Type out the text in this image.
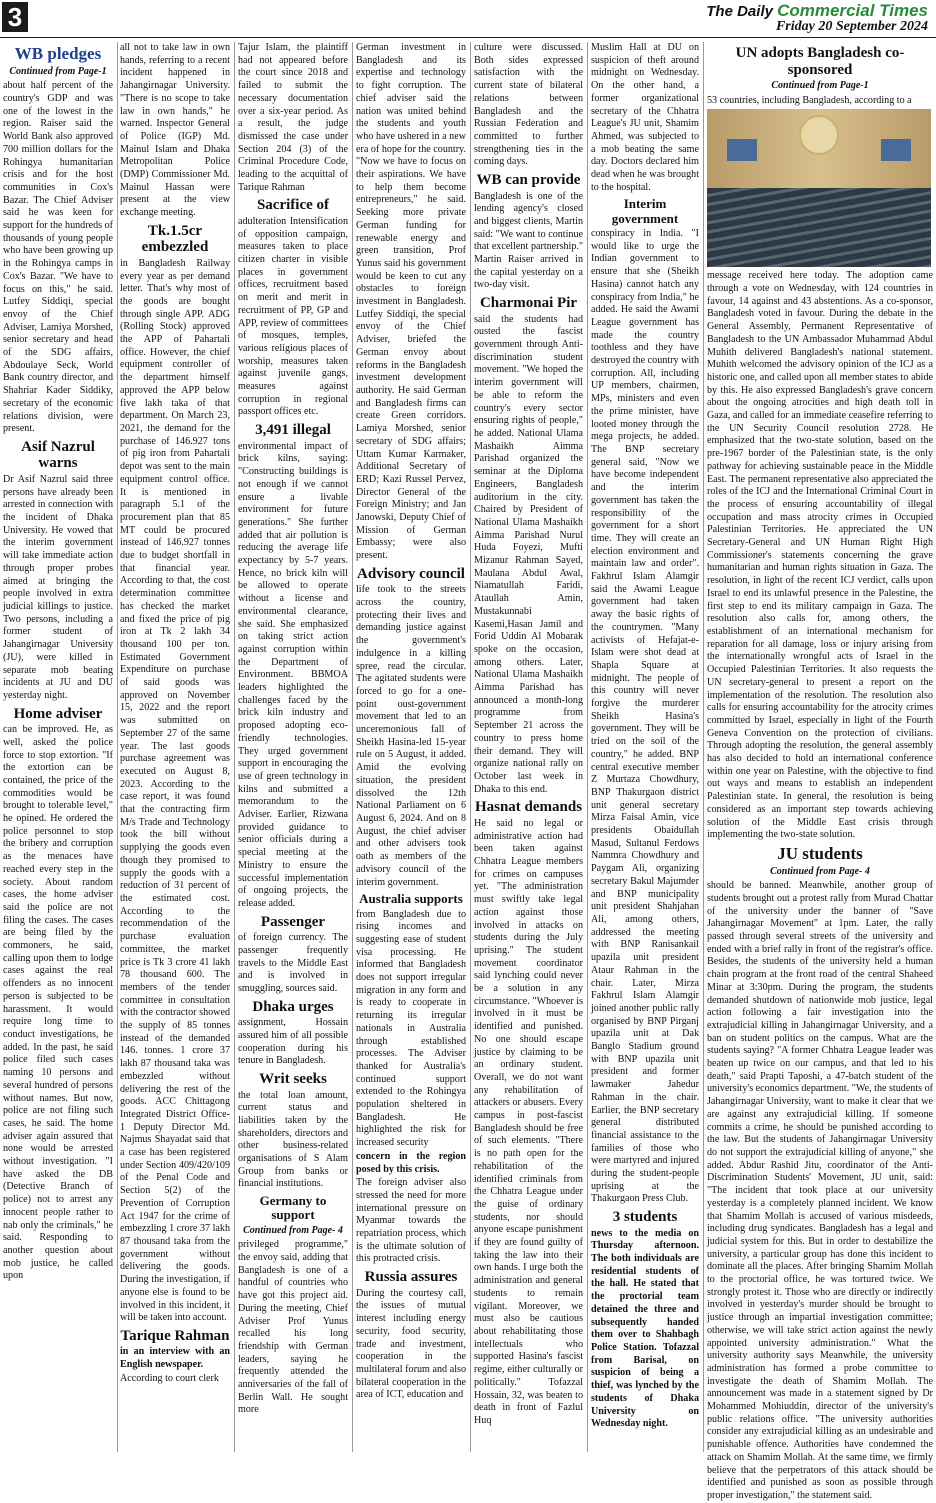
3	The Daily Commercial Times
Friday 20 September 2024
WB pledges
Continued from Page-1

about half percent of the country's GDP and was one of the lowest in the region. Raiser said the World Bank also approved 700 million dollars for the Rohingya humanitarian crisis and for the host communities in Cox's Bazar. The Chief Adviser said he was keen for support for the hundreds of thousands of young people who have been growing up in the Rohingya camps in Cox's Bazar. "We have to focus on this," he said. Lutfey Siddiqi, special envoy of the Chief Adviser, Lamiya Morshed, senior secretary and head of the SDG affairs, Abdoulaye Seck, World Bank country director, and Shahriar Kader Siddiky, secretary of the economic relations division, were present.

Asif Nazrul warns

Dr Asif Nazrul said three persons have already been arrested in connection with the incident of Dhaka University. He vowed that the interim government will take immediate action through proper probes aimed at bringing the people involved in extra judicial killings to justice. Two persons, including a former student of Jahangirnagar University (JU), were killed in separate mob beating incidents at JU and DU yesterday night.

Home adviser

can be improved. He, as well, asked the police force to stop extortion. "If the extortion can be contained, the price of the commodities would be brought to tolerable level," he opined. He ordered the police personnel to stop the bribery and corruption as the menaces have reached every step in the society. About random cases, the home adviser said the police are not filing the cases. The cases are being filed by the commoners, he said, calling upon them to lodge cases against the real offenders as no innocent person is subjected to be harassment. It would require long time to conduct investigations, he added. In the past, he said police filed such cases naming 10 persons and several hundred of persons without names. But now, police are not filing such cases, he said. The home adviser again assured that none would be arrested without investigation. "I have asked the DB (Detective Branch of police) not to arrest any innocent people rather to nab only the criminals," he said. Responding to another question about mob justice, he called upon

all not to take law in own hands, referring to a recent incident happened in Jahangirnagar University. "There is no scope to take law in own hands," he warned. Inspector General of Police (IGP) Md. Mainul Islam and Dhaka Metropolitan Police (DMP) Commissioner Md. Mainul Hassan were present at the view exchange meeting.

Tk.1.5cr embezzled

in Bangladesh Railway every year as per demand letter. That's why most of the goods are bought through single APP. ADG (Rolling Stock) approved the APP of Pahartali office. However, the chief equipment controller of the department himself approved the APP below five lakh taka of that department. On March 23, 2021, the demand for the purchase of 146.927 tons of pig iron from Pahartali depot was sent to the main equipment control office. It is mentioned in paragraph 5.1 of the procurement plan that 85 MT could be procured instead of 146.927 tonnes due to budget shortfall in that financial year. According to that, the cost determination committee has checked the market and fixed the price of pig iron at Tk 2 lakh 34 thousand 100 per ton. Estimated Government Expenditure on purchase of said goods was approved on November 15, 2022 and the report was submitted on September 27 of the same year. The last goods purchase agreement was executed on August 8, 2023. According to the case report, it was found that the contracting firm M/s Trade and Technology took the bill without supplying the goods even though they promised to supply the goods with a reduction of 31 percent of the estimated cost. According to the recommendation of the purchase evaluation committee, the market price is Tk 3 crore 41 lakh 78 thousand 600. The members of the tender committee in consultation with the contractor showed the supply of 85 tonnes instead of the demanded 146. tonnes. 1 crore 37 lakh 87 thousand taka was embezzled without delivering the rest of the goods. ACC Chittagong Integrated District Office-1 Deputy Director Md. Najmus Shayadat said that a case has been registered under Section 409/420/109 of the Penal Code and Section 5(2) of the Prevention of Corruption Act 1947 for the crime of embezzling 1 crore 37 lakh 87 thousand taka from the government without delivering the goods. During the investigation, if anyone else is found to be involved in this incident, it will be taken into account.

Tarique Rahman

in an interview with an English newspaper.

According to court clerk

Tajur Islam, the plaintiff had not appeared before the court since 2018 and failed to submit the necessary documentation over a six-year period. As a result, the judge dismissed the case under Section 204 (3) of the Criminal Procedure Code, leading to the acquittal of Tarique Rahman

Sacrifice of

adulteration Intensification of opposition campaign, measures taken to place citizen charter in visible places in government offices, recruitment based on merit and merit in recruitment of PP, GP and APP, review of committees of mosques, temples, various religious places of worship, measures taken against juvenile gangs, measures against corruption in regional passport offices etc.

3,491 illegal

environmental impact of brick kilns, saying: "Constructing buildings is not enough if we cannot ensure a livable environment for future generations." She further added that air pollution is reducing the average life expectancy by 5-7 years. Hence, no brick kiln will be allowed to operate without a license and environmental clearance, she said. She emphasized on taking strict action against corruption within the Department of Environment. BBMOA leaders highlighted the challenges faced by the brick kiln industry and proposed adopting eco-friendly technologies. They urged government support in encouraging the use of green technology in kilns and submitted a memorandum to the Adviser. Earlier, Rizwana provided guidance to senior officials during a special meeting at the Ministry to ensure the successful implementation of ongoing projects, the release added.

Passenger

of foreign currency. The passenger frequently travels to the Middle East and is involved in smuggling, sources said.

Dhaka urges

assignment, Hossain assured him of all possible cooperation during his tenure in Bangladesh.

Writ seeks

the total loan amount, current status and liabilities taken by the shareholders, directors and other business-related organisations of S Alam Group from banks or financial institutions.

Germany to support
Continued from Page- 4

privileged programme," the envoy said, adding that Bangladesh is one of a handful of countries who have got this project aid. During the meeting, Chief Adviser Prof Yunus recalled his long friendship with German leaders, saying he frequently attended the anniversaries of the fall of Berlin Wall. He sought more

German investment in Bangladesh and its expertise and technology to fight corruption. The chief adviser said the nation was united behind the students and youth who have ushered in a new era of hope for the country. "Now we have to focus on their aspirations. We have to help them become entrepreneurs," he said. Seeking more private German funding for renewable energy and green transition, Prof Yunus said his government would be keen to cut any obstacles to foreign investment in Bangladesh. Lutfey Siddiqi, the special envoy of the Chief Adviser, briefed the German envoy about reforms in the Bangladesh investment development authority. He said German and Bangladesh firms can create Green corridors. Lamiya Morshed, senior secretary of SDG affairs; Uttam Kumar Karmaker, Additional Secretary of ERD; Kazi Russel Pervez, Director General of the Foreign Ministry; and Jan Janowski, Deputy Chief of Mission of German Embassy; were also present.

Advisory council

life took to the streets across the country, protecting their lives and demanding justice against the government's indulgence in a killing spree, read the circular. The agitated students were forced to go for a one-point oust-government movement that led to an unceremonious fall of Sheikh Hasina-led 15-year rule on 5 August, it added. Amid the evolving situation, the president dissolved the 12th National Parliament on 6 August 6, 2024. And on 8 August, the chief adviser and other advisers took oath as members of the advisory council of the interim government.

Australia supports

from Bangladesh due to rising incomes and suggesting ease of student visa processing. He informed that Bangladesh does not support irregular migration in any form and is ready to cooperate in returning its irregular nationals in Australia through established processes. The Adviser thanked for Australia's continued support extended to the Rohingya population sheltered in Bangladesh. He highlighted the risk for increased security

concern in the region posed by this crisis.

The foreign adviser also stressed the need for more international pressure on Myanmar towards the repatriation process, which is the ultimate solution of this protracted crisis.

Russia assures

During the courtesy call, the issues of mutual interest including energy security, food security, trade and investment, cooperation in the multilateral forum and also bilateral cooperation in the area of ICT, education and

culture were discussed. Both sides expressed satisfaction with the current state of bilateral relations between Bangladesh and the Russian Federation and committed to further strengthening ties in the coming days.

WB can provide

Bangladesh is one of the lending agency's closed and biggest clients, Martin said: "We want to continue that excellent partnership." Martin Raiser arrived in the capital yesterday on a two-day visit.

Charmonai Pir

said the students had ousted the fascist government through Anti-discrimination student movement. "We hoped the interim government will be able to reform the country's every sector ensuring rights of people," he added. National Ulama Mashaikh Aimma Parishad organized the seminar at the Diploma Engineers, Bangladesh auditorium in the city. Chaired by President of National Ulama Mashaikh Aimma Parishad Nurul Huda Foyezi, Mufti Mizanur Rahman Sayed, Maulana Abdul Awal, Niamatullah Faridi, Ataullah Amin, Mustakunnabi Kasemi,Hasan Jamil and Forid Uddin Al Mobarak spoke on the occasion, among others. Later, National Ulama Mashaikh Aimma Parishad has announced a month-long programme from September 21 across the country to press home their demand. They will organize national rally on October last week in Dhaka to this end.

Hasnat demands

He said no legal or administrative action had been taken against Chhatra League members for crimes on campuses yet. "The administration must swiftly take legal action against those involved in attacks on students during the July uprising." The student movement coordinator said lynching could never be a solution in any circumstance. "Whoever is involved in it must be identified and punished. No one should escape justice by claiming to be an ordinary student. Overall, we do not want any rehabilitation of attackers or abusers. Every campus in post-fascist Bangladesh should be free of such elements. "There is no path open for the rehabilitation of the identified criminals from the Chhatra League under the guise of ordinary students, nor should anyone escape punishment if they are found guilty of taking the law into their own hands. I urge both the administration and general students to remain vigilant. Moreover, we must also be cautious about rehabilitating those intellectuals who supported Hasina's fascist regime, either culturally or politically." Tofazzal Hossain, 32, was beaten to death in front of Fazlul Huq

Muslim Hall at DU on suspicion of theft around midnight on Wednesday. On the other hand, a former organizational secretary of the Chhatra League's JU unit, Shamim Ahmed, was subjected to a mob beating the same day. Doctors declared him dead when he was brought to the hospital.

Interim government

conspiracy in India. "I would like to urge the Indian government to ensure that she (Sheikh Hasina) cannot hatch any conspiracy from India," he added. He said the Awami League government has made the country toothless and they have destroyed the country with corruption. All, including UP members, chairmen, MPs, ministers and even the prime minister, have looted money through the mega projects, he added. The BNP secretary general said, "Now we have become independent and the interim government has taken the responsibility of the government for a short time. They will create an election environment and maintain law and order". Fakhrul Islam Alamgir said the Awami League government had taken away the basic rights of the countrymen. "Many activists of Hefajat-e-Islam were shot dead at Shapla Square at midnight. The people of this country will never forgive the murderer Sheikh Hasina's government. They will be tried on the soil of the country," he added. BNP central executive member Z Murtaza Chowdhury, BNP Thakurgaon district unit general secretary Mirza Faisal Amin, vice presidents Obaidullah Masud, Sultanul Ferdows Nammra Chowdhury and Paygam Ali, organizing secretary Bakul Majumder and BNP municipality unit president Shahjahan Ali, among others, addressed the meeting with BNP Ranisankail upazila unit president Ataur Rahman in the chair. Later, Mirza Fakhrul Islam Alamgir joined another public rally organised by BNP Pirganj upazila unit at Dak Banglo Stadium ground with BNP upazila unit president and former lawmaker Jahedur Rahman in the chair. Earlier, the BNP secretary general distributed financial assistance to the families of those who were martyred and injured during the student-people uprising at the Thakurgaon Press Club.

3 students

news to the media on Thursday afternoon. The both individuals are residential students of the hall. He stated that the proctorial team detained the three and subsequently handed them over to Shahbagh Police Station. Tofazzal from Barisal, on suspicion of being a thief, was lynched by the students of Dhaka University on Wednesday night.

UN adopts Bangladesh co-sponsored
Continued from Page-1

53 countries, including Bangladesh, according to a

message received here today. The adoption came through a vote on Wednesday, with 124 countries in favour, 14 against and 43 abstentions. As a co-sponsor, Bangladesh voted in favour. During the debate in the General Assembly, Permanent Representative of Bangladesh to the UN Ambassador Muhammad Abdul Muhith delivered Bangladesh's national statement. Muhith welcomed the advisory opinion of the ICJ as a historic one, and called upon all member states to abide by this. He also expressed Bangladesh's grave concern about the ongoing atrocities and high death toll in Gaza, and called for an immediate ceasefire referring to the UN Security Council resolution 2728. He emphasized that the two-state solution, based on the pre-1967 border of the Palestinian state, is the only pathway for achieving sustainable peace in the Middle East. The permanent representative also appreciated the roles of the ICJ and the International Criminal Court in the process of ensuring accountability of illegal occupation and mass atrocity crimes in Occupied Palestinian Territories. He appreciated the UN Secretary-General and UN Human Right High Commissioner's statements concerning the grave humanitarian and human rights situation in Gaza. The resolution, in light of the recent ICJ verdict, calls upon Israel to end its unlawful presence in the Palestine, the first step to end its military campaign in Gaza. The resolution also calls for, among others, the establishment of an international mechanism for reparation for all damage, loss or injury arising from the internationally wrongful acts of Israel in the Occupied Palestinian Territories. It also requests the UN secretary-general to present a report on the implementation of the resolution. The resolution also calls for ensuring accountability for the atrocity crimes committed by Israel, especially in light of the Fourth Geneva Convention on the protection of civilians. Through adopting the resolution, the general assembly has also decided to hold an international conference within one year on Palestine, with the objective to find out ways and means to establish an independent Palestinian state. In general, the resolution is being considered as an important step towards achieving solution of the Middle East crisis through implementing the two-state solution.

JU students
Continued from Page- 4

should be banned. Meanwhile, another group of students brought out a protest rally from Murad Chattar of the university under the banner of "Save Jahangirnagar Movement" at 1pm. Later, the rally passed through several streets of the university and ended with a brief rally in front of the registrar's office. Besides, the students of the university held a human chain program at the front road of the central Shaheed Minar at 3:30pm. During the program, the students demanded shutdown of nationwide mob justice, legal action following a fair investigation into the extrajudicial killing in Jahangirnagar University, and a ban on student politics on the campus. What are the students saying? "A former Chhatra League leader was beaten up twice on our campus, and that led to his death," said Prapti Taposhi, a 47-batch student of the university's economics department. "We, the students of Jahangirnagar University, want to make it clear that we are against any extrajudicial killing. If someone commits a crime, he should be punished according to the law. But the students of Jahangirnagar University do not support the extrajudicial killing of anyone," she added. Abdur Rashid Jitu, coordinator of the Anti-Discrimination Students' Movement, JU unit, said: "The incident that took place at our university yesterday is a completely planned incident. We know that Shamim Mollah is accused of various misdeeds, including drug syndicates. Bangladesh has a legal and judicial system for this. But in order to destabilize the university, a particular group has done this incident to dominate all the places. After bringing Shamim Mollah to the proctorial office, he was tortured twice. We strongly protest it. Those who are directly or indirectly involved in yesterday's murder should be brought to justice through an impartial investigation committee; otherwise, we will take strict action against the newly appointed university administration." What the university authority says Meanwhile, the university administration has formed a probe committee to investigate the death of Shamim Mollah. The announcement was made in a statement signed by Dr Mohammed Mohiuddin, director of the university's public relations office. "The university authorities consider any extrajudicial killing as an undesirable and punishable offence. Authorities have condemned the attack on Shamim Mollah. At the same time, we firmly believe that the perpetrators of this attack should be identified and punished as soon as possible through proper investigation," the statement said.
